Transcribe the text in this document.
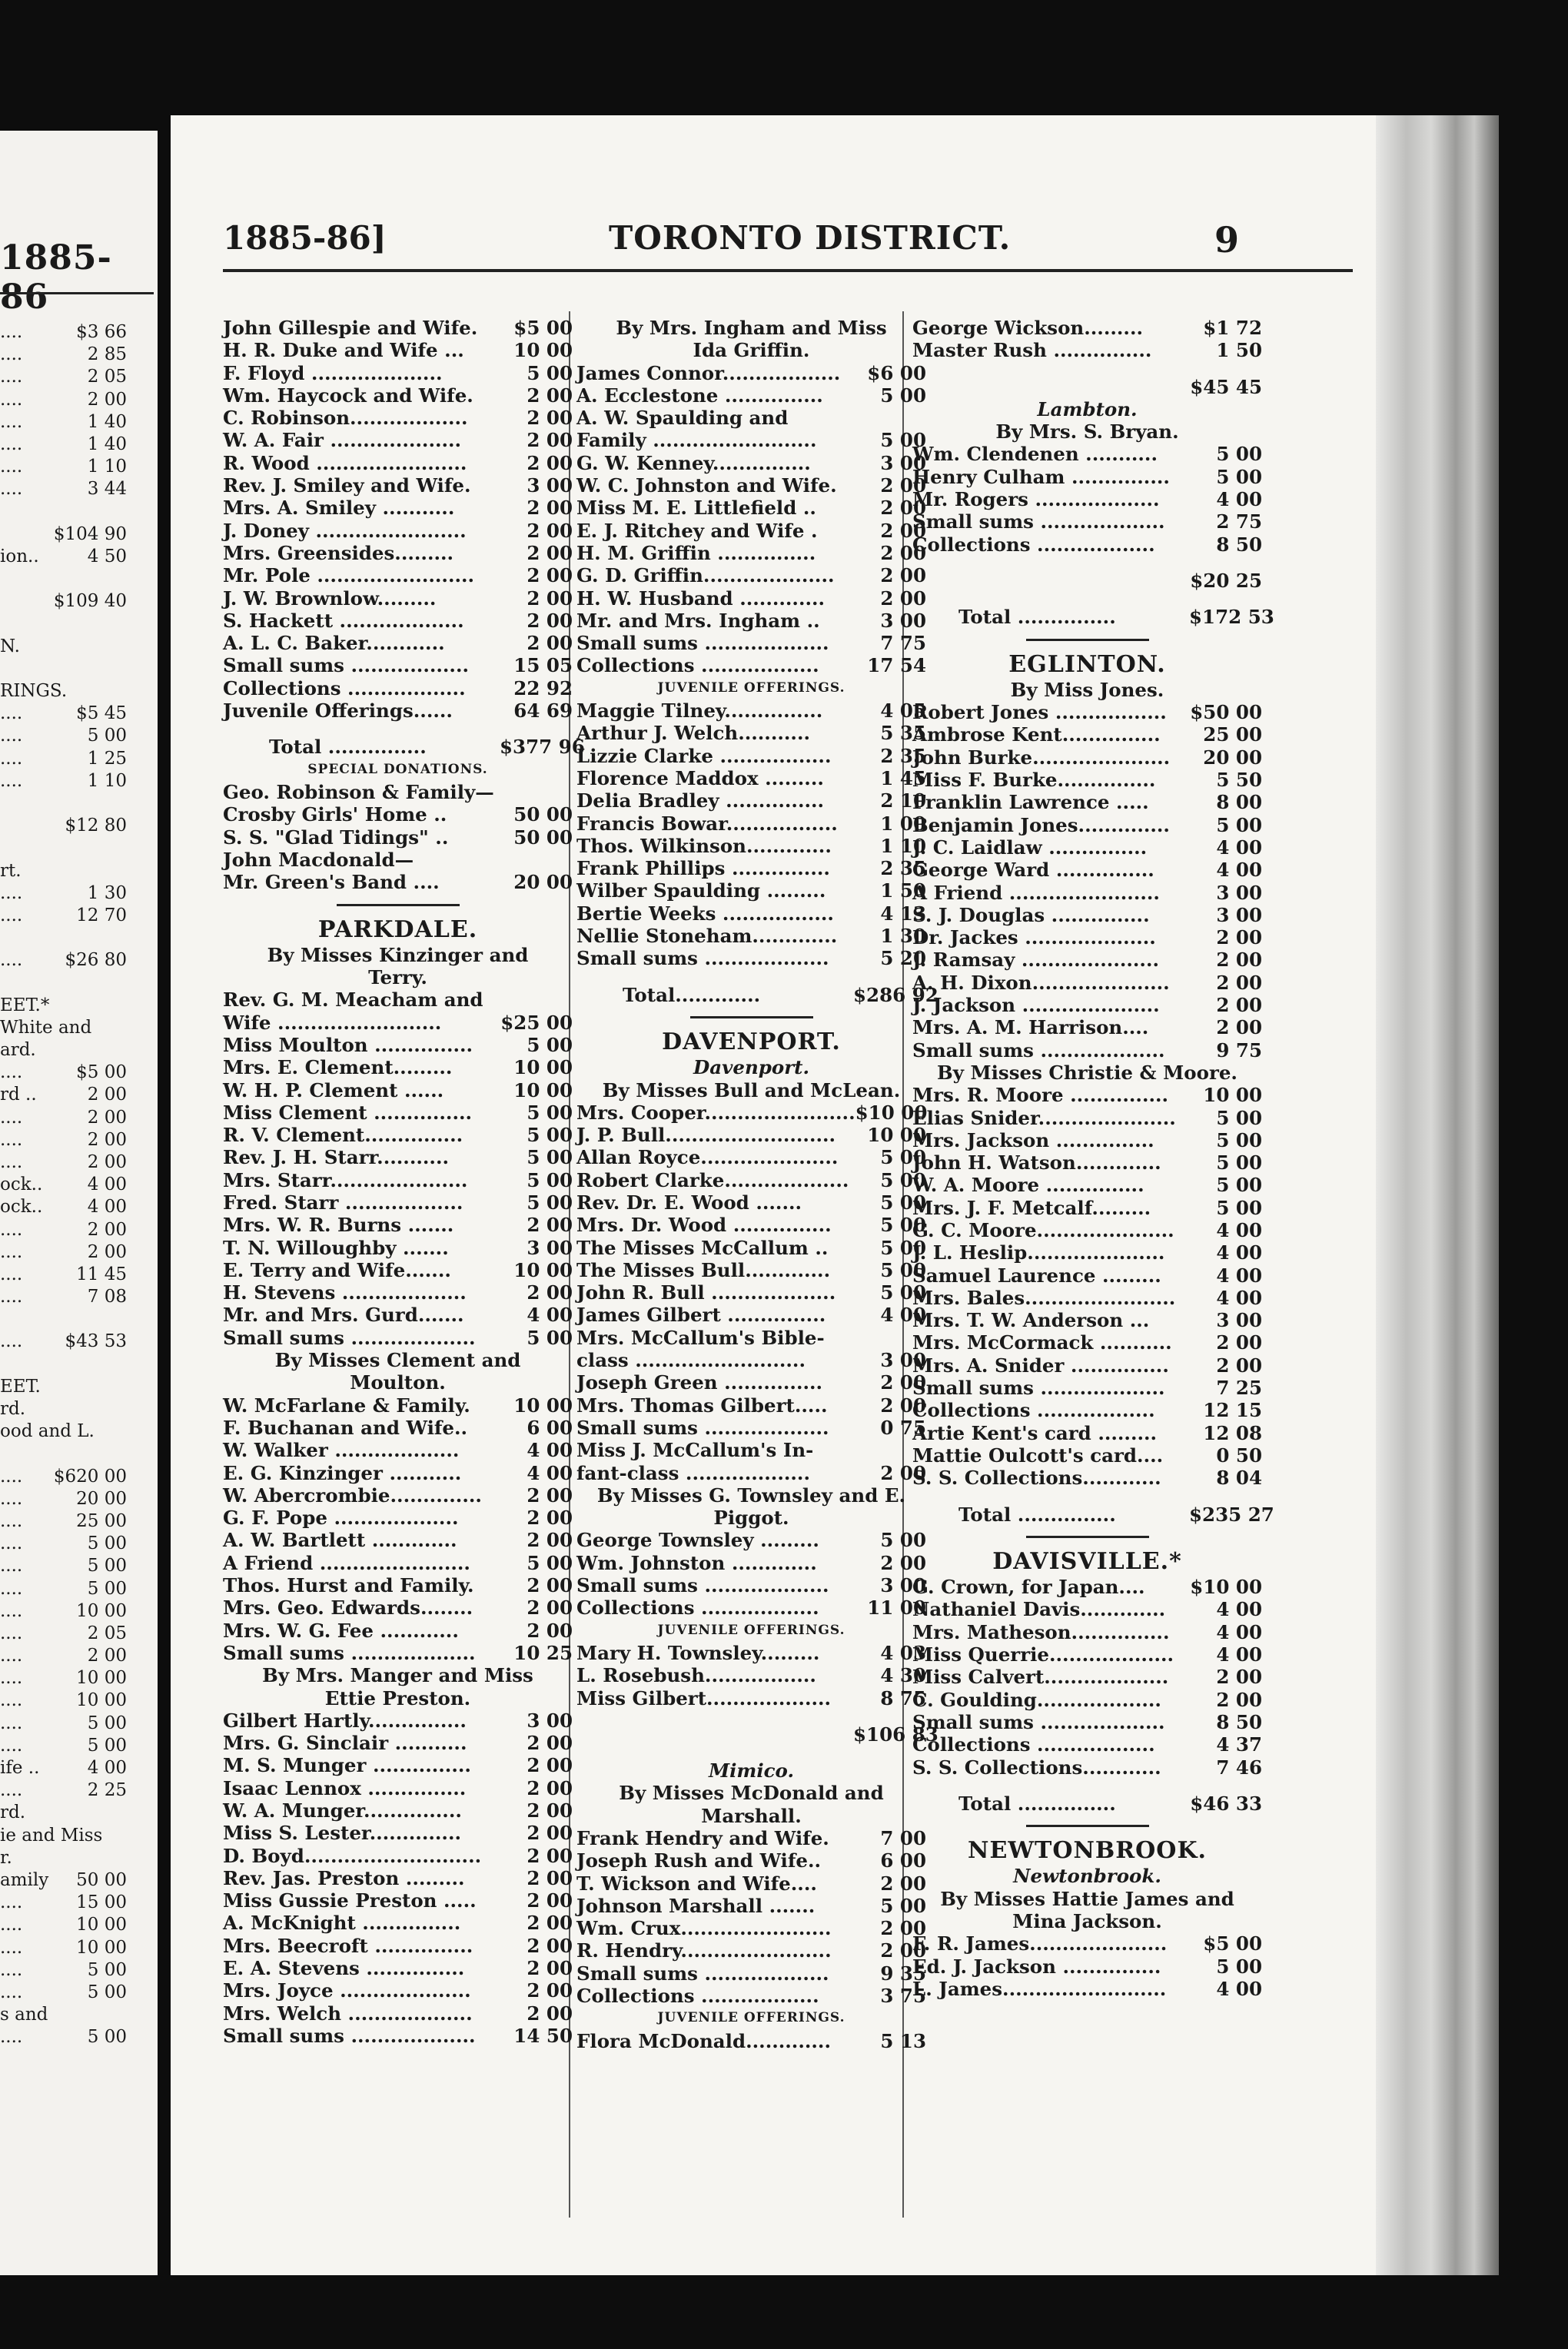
1885-86
....	$3 66
....	2 85
....	2 05
....	2 00
....	1 40
....	1 40
....	1 10
....	3 44
$104 90
ion..	4 50
$109 40
N.
RINGS.
....	$5 45
....	5 00
....	1 25
....	1 10
$12 80
rt.
....	1 30
....	12 70
.... $26 80
EET.*
White and
ard.
....	$5 00
rd ..	2 00
....	2 00
....	2 00
....	2 00
ock..	4 00
ock..	4 00
....	2 00
....	2 00
....	11 45
....	7 08
.... $43 53
EET.
rd.
ood and L.
.... $620 00
....	20 00
....	25 00
....	5 00
....	5 00
....	5 00
....	10 00
....	2 05
....	2 00
....	10 00
....	10 00
....	5 00
....	5 00
ife ..	4 00
....	2 25
rd.
ie and Miss
r.
amily 50 00
....	15 00
....	10 00
....	10 00
....	5 00
....	5 00
s and
....	5 00
1885-86]	TORONTO DISTRICT.	9
John Gillespie and Wife.	$5 00
H. R. Duke and Wife ...	10 00
F. Floyd ....................	5 00
Wm. Haycock and Wife.	2 00
C. Robinson..................	2 00
W. A. Fair ....................	2 00
R. Wood .......................	2 00
Rev. J. Smiley and Wife.	3 00
Mrs. A. Smiley ...........	2 00
J. Doney .......................	2 00
Mrs. Greensides.........	2 00
Mr. Pole ........................	2 00
J. W. Brownlow.........	2 00
S. Hackett ...................	2 00
A. L. C. Baker............	2 00
Small sums ..................	15 05
Collections ..................	22 92
Juvenile Offerings......	64 69
Total ...............	$377 96
SPECIAL DONATIONS.
Geo. Robinson & Family—
Crosby Girls' Home ..	50 00
S. S. "Glad Tidings" ..	50 00
John Macdonald—
Mr. Green's Band ....	20 00
PARKDALE.
By Misses Kinzinger and
Terry.
Rev. G. M. Meacham and
Wife .........................	$25 00
Miss Moulton ...............	5 00
Mrs. E. Clement.........	10 00
W. H. P. Clement ......	10 00
Miss Clement ...............	5 00
R. V. Clement...............	5 00
Rev. J. H. Starr...........	5 00
Mrs. Starr.....................	5 00
Fred. Starr ..................	5 00
Mrs. W. R. Burns .......	2 00
T. N. Willoughby .......	3 00
E. Terry and Wife.......	10 00
H. Stevens ...................	2 00
Mr. and Mrs. Gurd.......	4 00
Small sums ...................	5 00
By Misses Clement and
Moulton.
W. McFarlane & Family.	10 00
F. Buchanan and Wife..	6 00
W. Walker ...................	4 00
E. G. Kinzinger ...........	4 00
W. Abercrombie..............	2 00
G. F. Pope ...................	2 00
A. W. Bartlett .............	2 00
A Friend .......................	5 00
Thos. Hurst and Family.	2 00
Mrs. Geo. Edwards........	2 00
Mrs. W. G. Fee ............	2 00
Small sums ...................	10 25
By Mrs. Manger and Miss
Ettie Preston.
Gilbert Hartly...............	3 00
Mrs. G. Sinclair ...........	2 00
M. S. Munger ...............	2 00
Isaac Lennox ...............	2 00
W. A. Munger...............	2 00
Miss S. Lester..............	2 00
D. Boyd...........................	2 00
Rev. Jas. Preston .........	2 00
Miss Gussie Preston .....	2 00
A. McKnight ...............	2 00
Mrs. Beecroft ...............	2 00
E. A. Stevens ...............	2 00
Mrs. Joyce ....................	2 00
Mrs. Welch ...................	2 00
Small sums ...................	14 50
By Mrs. Ingham and Miss
Ida Griffin.
James Connor..................	$6 00
A. Ecclestone ...............	5 00
A. W. Spaulding and
Family .........................	5 00
G. W. Kenney...............	3 00
W. C. Johnston and Wife.	2 00
Miss M. E. Littlefield ..	2 00
E. J. Ritchey and Wife .	2 00
H. M. Griffin ...............	2 00
G. D. Griffin....................	2 00
H. W. Husband .............	2 00
Mr. and Mrs. Ingham ..	3 00
Small sums ...................	7 75
Collections ..................	17 54
JUVENILE OFFERINGS.
Maggie Tilney...............	4 05
Arthur J. Welch...........	5 35
Lizzie Clarke .................	2 35
Florence Maddox .........	1 45
Delia Bradley ...............	2 10
Francis Bowar.................	1 00
Thos. Wilkinson.............	1 10
Frank Phillips ...............	2 35
Wilber Spaulding .........	1 50
Bertie Weeks .................	4 13
Nellie Stoneham.............	1 30
Small sums ...................	5 20
Total.............	$286 92
DAVENPORT.
Davenport.
By Misses Bull and McLean.
Mrs. Cooper....................... $10 00
J. P. Bull..........................	10 00
Allan Royce.....................	5 00
Robert Clarke...................	5 00
Rev. Dr. E. Wood .......	5 00
Mrs. Dr. Wood ...............	5 00
The Misses McCallum ..	5 00
The Misses Bull.............	5 00
John R. Bull ...................	5 00
James Gilbert ...............	4 00
Mrs. McCallum's Bible-
class ..........................	3 00
Joseph Green ...............	2 00
Mrs. Thomas Gilbert.....	2 00
Small sums ...................	0 75
Miss J. McCallum's In-
fant-class ...................	2 00
By Misses G. Townsley and E.
Piggot.
George Townsley .........	5 00
Wm. Johnston .............	2 00
Small sums ...................	3 00
Collections ..................	11 00
JUVENILE OFFERINGS.
Mary H. Townsley.........	4 03
L. Rosebush.................	4 30
Miss Gilbert...................	8 75
$106 83
Mimico.
By Misses McDonald and
Marshall.
Frank Hendry and Wife.	7 00
Joseph Rush and Wife..	6 00
T. Wickson and Wife....	2 00
Johnson Marshall .......	5 00
Wm. Crux.......................	2 00
R. Hendry.......................	2 00
Small sums ...................	9 35
Collections ..................	3 75
JUVENILE OFFERINGS.
Flora McDonald.............	5 13
George Wickson.........	$1 72
Master Rush ...............	1 50
$45 45
Lambton.
By Mrs. S. Bryan.
Wm. Clendenen ...........	5 00
Henry Culham ...............	5 00
Mr. Rogers ...................	4 00
Small sums ...................	2 75
Collections ..................	8 50
$20 25
Total ...............	$172 53
EGLINTON.
By Miss Jones.
Robert Jones .................	$50 00
Ambrose Kent...............	25 00
John Burke.....................	20 00
Miss F. Burke...............	5 50
Franklin Lawrence .....	8 00
Benjamin Jones..............	5 00
J. C. Laidlaw ...............	4 00
George Ward ...............	4 00
A Friend .......................	3 00
S. J. Douglas ...............	3 00
Dr. Jackes ....................	2 00
J. Ramsay .....................	2 00
A. H. Dixon.....................	2 00
J. Jackson .....................	2 00
Mrs. A. M. Harrison....	2 00
Small sums ...................	9 75
By Misses Christie & Moore.
Mrs. R. Moore ...............	10 00
Elias Snider.....................	5 00
Mrs. Jackson ...............	5 00
John H. Watson.............	5 00
W. A. Moore ...............	5 00
Mrs. J. F. Metcalf.........	5 00
G. C. Moore.....................	4 00
J. L. Heslip.....................	4 00
Samuel Laurence .........	4 00
Mrs. Bales.......................	4 00
Mrs. T. W. Anderson ...	3 00
Mrs. McCormack ...........	2 00
Mrs. A. Snider ...............	2 00
Small sums ...................	7 25
Collections ..................	12 15
Artie Kent's card .........	12 08
Mattie Oulcott's card....	0 50
S. S. Collections............	8 04
Total ...............	$235 27
DAVISVILLE.*
G. Crown, for Japan....	$10 00
Nathaniel Davis.............	4 00
Mrs. Matheson...............	4 00
Miss Querrie...................	4 00
Miss Calvert...................	2 00
C. Goulding...................	2 00
Small sums ...................	8 50
Collections ..................	4 37
S. S. Collections............	7 46
Total ...............	$46 33
NEWTONBROOK.
Newtonbrook.
By Misses Hattie James and
Mina Jackson.
F. R. James.....................	$5 00
Ed. J. Jackson ...............	5 00
L. James.........................	4 00
